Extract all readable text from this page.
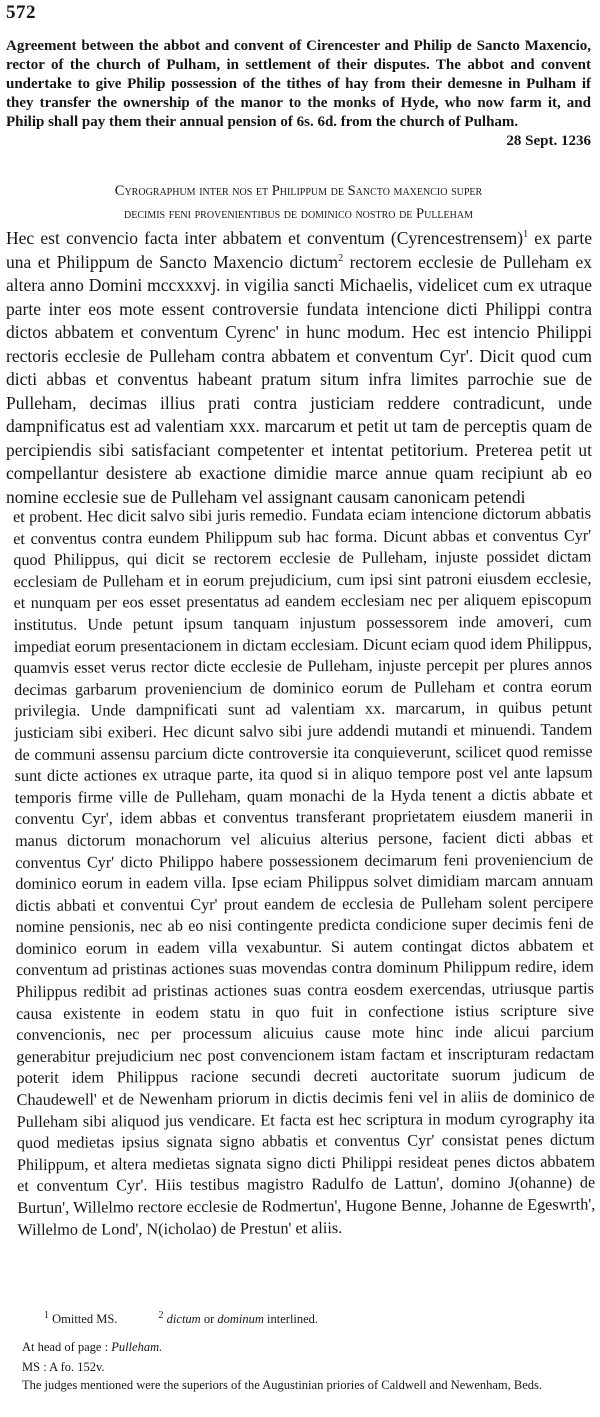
572
Agreement between the abbot and convent of Cirencester and Philip de Sancto Maxencio, rector of the church of Pulham, in settlement of their disputes. The abbot and convent undertake to give Philip possession of the tithes of hay from their demesne in Pulham if they transfer the ownership of the manor to the monks of Hyde, who now farm it, and Philip shall pay them their annual pension of 6s. 6d. from the church of Pulham.
28 Sept. 1236
Cyrographum inter nos et Philippum de Sancto maxencio super
decimis feni provenientibus de dominico nostro de Pulleham
Hec est convencio facta inter abbatem et conventum (Cyrencestrensem)$^1$ ex parte una et Philippum de Sancto Maxencio dictum$^2$ rectorem ecclesie de Pulleham ex altera anno Domini mccxxxvj. in vigilia sancti Michaelis, videlicet cum ex utraque parte inter eos mote essent controversie fundata intencione dicti Philippi contra dictos abbatem et conventum Cyrenc' in hunc modum. Hec est intencio Philippi rectoris ecclesie de Pulleham contra abbatem et conventum Cyr'. Dicit quod cum dicti abbas et conventus habeant pratum situm infra limites parrochie sue de Pulleham, decimas illius prati contra justiciam reddere contradicunt, unde dampnificatus est ad valentiam xxx. marcarum et petit ut tam de perceptis quam de percipiendis sibi satisfaciant competenter et intentat petitorium. Preterea petit ut compellantur desistere ab exactione dimidie marce annue quam recipiunt ab eo nomine ecclesie sue de Pulleham vel assignant causam canonicam petendi
et probent. Hec dicit salvo sibi juris remedio. Fundata eciam intencione dictorum abbatis et conventus contra eundem Philippum sub hac forma. Dicunt abbas et conventus Cyr' quod Philippus, qui dicit se rectorem ecclesie de Pulleham, injuste possidet dictam ecclesiam de Pulleham et in eorum prejudicium, cum ipsi sint patroni eiusdem ecclesie, et nunquam per eos esset presentatus ad eandem ecclesiam nec per aliquem episcopum institutus. Unde petunt ipsum tanquam injustum possessorem inde amoveri, cum impediat eorum presentacionem in dictam ecclesiam. Dicunt eciam quod idem Philippus, quamvis esset verus rector dicte ecclesie de Pulleham, injuste percepit per plures annos decimas garbarum proveniencium de dominico eorum de Pulleham et contra eorum privilegia. Unde dampnificati sunt ad valentiam xx. marcarum, in quibus petunt justiciam sibi exiberi. Hec dicunt salvo sibi jure addendi mutandi et minuendi. Tandem de communi assensu parcium dicte controversie ita conquieverunt, scilicet quod remisse sunt dicte actiones ex utraque parte, ita quod si in aliquo tempore post vel ante lapsum temporis firme ville de Pulleham, quam monachi de la Hyda tenent a dictis abbate et conventu Cyr', idem abbas et conventus transferant proprietatem eiusdem manerii in manus dictorum monachorum vel alicuius alterius persone, facient dicti abbas et conventus Cyr' dicto Philippo habere possessionem decimarum feni proveniencium de dominico eorum in eadem villa. Ipse eciam Philippus solvet dimidiam marcam annuam dictis abbati et conventui Cyr' prout eandem de ecclesia de Pulleham solent percipere nomine pensionis, nec ab eo nisi contingente predicta condicione super decimis feni de dominico eorum in eadem villa vexabuntur. Si autem contingat dictos abbatem et conventum ad pristinas actiones suas movendas contra dominum Philippum redire, idem Philippus redibit ad pristinas actiones suas contra eosdem exercendas, utriusque partis causa existente in eodem statu in quo fuit in confectione istius scripture sive convencionis, nec per processum alicuius cause mote hinc inde alicui parcium generabitur prejudicium nec post convencionem istam factam et inscripturam redactam poterit idem Philippus racione secundi decreti auctoritate suorum judicum de Chaudewell' et de Newenham priorum in dictis decimis feni vel in aliis de dominico de Pulleham sibi aliquod jus vendicare. Et facta est hec scriptura in modum cyrography ita quod medietas ipsius signata signo abbatis et conventus Cyr' consistat penes dictum Philippum, et altera medietas signata signo dicti Philippi resideat penes dictos abbatem et conventum Cyr'. Hiis testibus magistro Radulfo de Lattun', domino J(ohanne) de Burtun', Willelmo rectore ecclesie de Rodmertun', Hugone Benne, Johanne de Egeswrth', Willelmo de Lond', N(icholao) de Prestun' et aliis.
$^1$ Omitted MS.	$^2$ dictum or dominum interlined.
At head of page : Pulleham.
MS : A fo. 152v.
The judges mentioned were the superiors of the Augustinian priories of Caldwell and Newenham, Beds.
